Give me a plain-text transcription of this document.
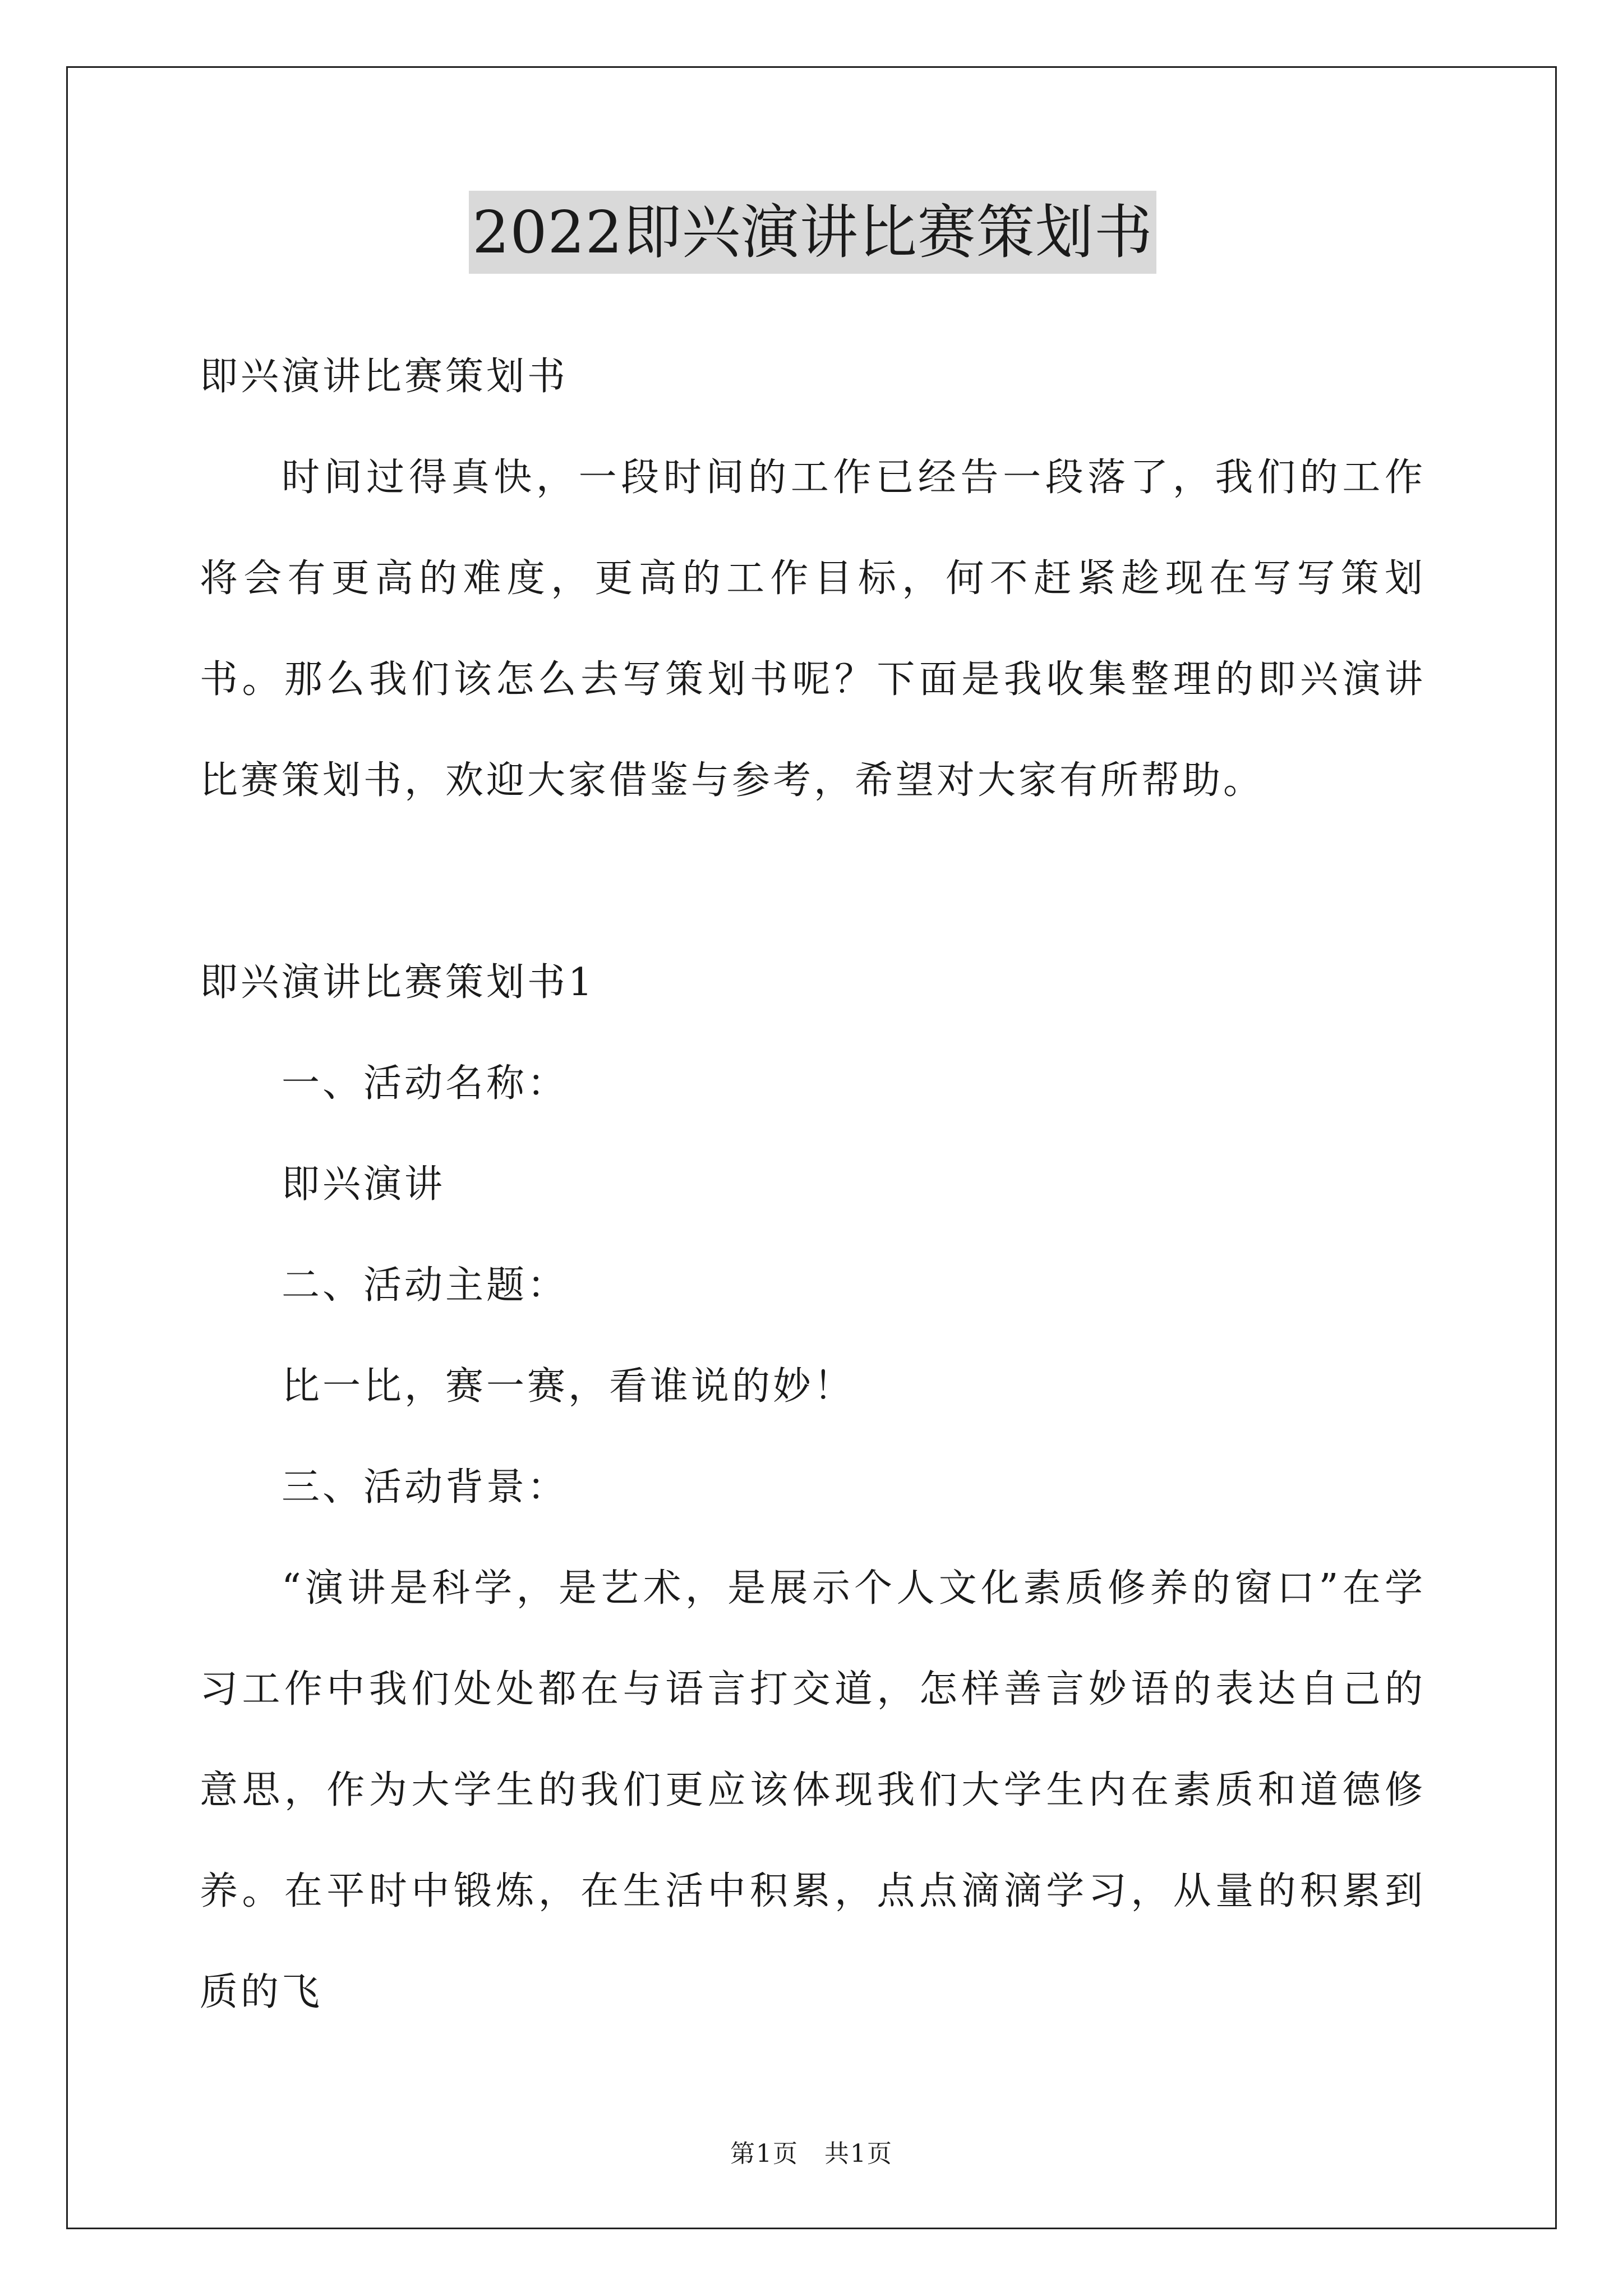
2022即兴演讲比赛策划书

即兴演讲比赛策划书

时间过得真快，一段时间的工作已经告一段落了，我们的工作将会有更高的难度，更高的工作目标，何不赶紧趁现在写写策划书。那么我们该怎么去写策划书呢？下面是我收集整理的即兴演讲比赛策划书，欢迎大家借鉴与参考，希望对大家有所帮助。

即兴演讲比赛策划书1

一、活动名称：

即兴演讲

二、活动主题：

比一比，赛一赛，看谁说的妙！

三、活动背景：

“演讲是科学，是艺术，是展示个人文化素质修养的窗口”在学习工作中我们处处都在与语言打交道，怎样善言妙语的表达自己的意思，作为大学生的我们更应该体现我们大学生内在素质和道德修养。在平时中锻炼，在生活中积累，点点滴滴学习，从量的积累到质的飞

第1页　共1页
